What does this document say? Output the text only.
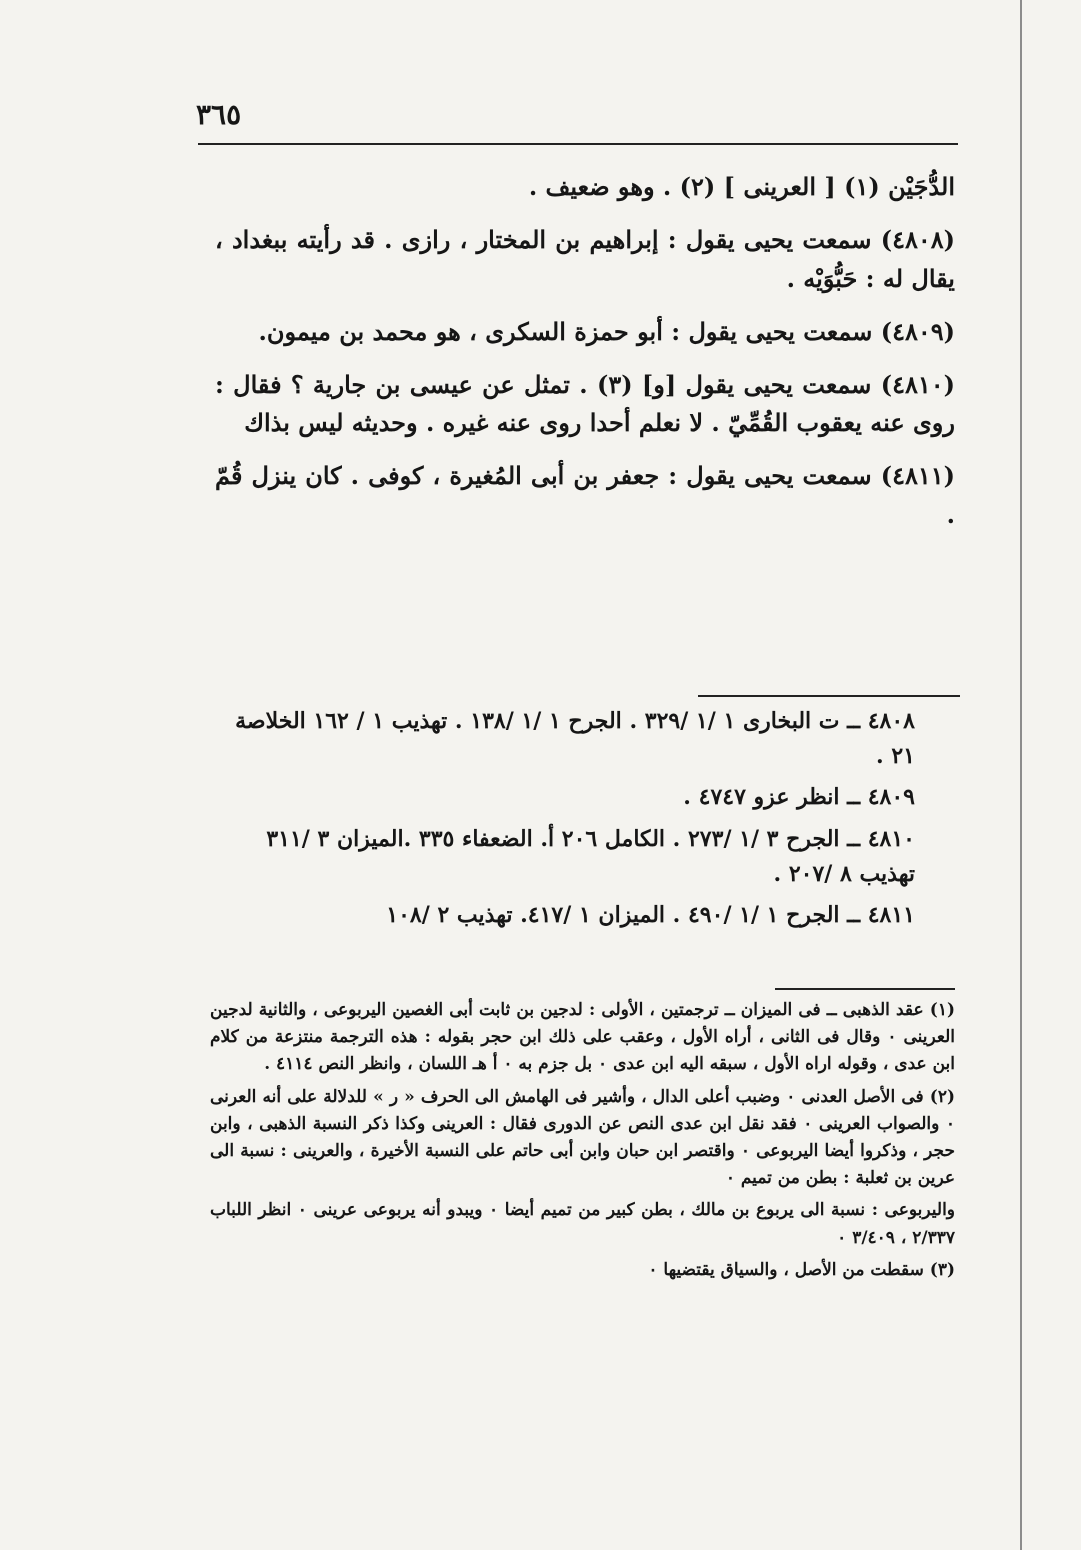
٣٦٥

الدُّجَيْن (١) [ العرينى ] (٢) . وهو ضعيف .

(٤٨٠٨) سمعت يحيى يقول : إبراهيم بن المختار ، رازى . قد رأيته ببغداد ، يقال له : حَبُّوَيْه .

(٤٨٠٩) سمعت يحيى يقول : أبو حمزة السكرى ، هو محمد بن ميمون.

(٤٨١٠) سمعت يحيى يقول [و] (٣) . تمثل عن عيسى بن جارية ؟ فقال : روى عنه يعقوب القُمِّيّ . لا نعلم أحدا روى عنه غيره . وحديثه ليس بذاك

(٤٨١١) سمعت يحيى يقول : جعفر بن أبى المُغيرة ، كوفى . كان ينزل قُمّ .

٤٨٠٨ ــ ت البخارى ١ /١ /٣٢٩ . الجرح ١ /١ /١٣٨ . تهذيب ١ / ١٦٢ الخلاصة ٢١ .

٤٨٠٩ ــ انظر عزو ٤٧٤٧ .

٤٨١٠ ــ الجرح ٣ /١ /٢٧٣ . الكامل ٢٠٦ أ. الضعفاء ٣٣٥ .الميزان ٣ /٣١١ تهذيب ٨ /٢٠٧ .

٤٨١١ ــ الجرح ١ /١ /٤٩٠ . الميزان ١ /٤١٧. تهذيب ٢ /١٠٨

(١) عقد الذهبى ــ فى الميزان ــ ترجمتين ، الأولى : لدجين بن ثابت أبى الغصين اليربوعى ، والثانية لدجين العرينى ٠ وقال فى الثانى ، أراه الأول ، وعقب على ذلك ابن حجر بقوله : هذه الترجمة منتزعة من كلام ابن عدى ، وقوله اراه الأول ، سبقه اليه ابن عدى ٠ بل جزم به ٠ أ هـ اللسان ، وانظر النص ٤١١٤ .

(٢) فى الأصل العدنى ٠ وضبب أعلى الدال ، وأشير فى الهامش الى الحرف « ر » للدلالة على أنه العرنى ٠ والصواب العرينى ٠ فقد نقل ابن عدى النص عن الدورى فقال : العرينى وكذا ذكر النسبة الذهبى ، وابن حجر ، وذكروا أيضا اليربوعى ٠ واقتصر ابن حبان وابن أبى حاتم على النسبة الأخيرة ، والعرينى : نسبة الى عرين بن ثعلبة : بطن من تميم ٠

واليربوعى : نسبة الى يربوع بن مالك ، بطن كبير من تميم أيضا ٠ ويبدو أنه يربوعى عرينى ٠ انظر اللباب ٢/٣٣٧ ، ٣/٤٠٩ ٠

(٣) سقطت من الأصل ، والسياق يقتضيها ٠
